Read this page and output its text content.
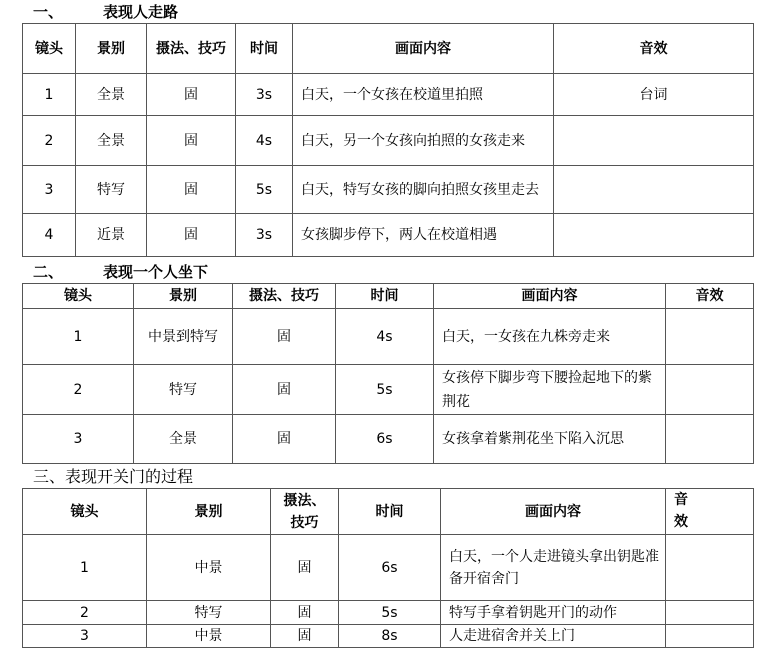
一、	表现人走路
镜头	景别	摄法、技巧	时间	画面内容	音效
1	全景	固	3s	白天，一个女孩在校道里拍照	台词
2	全景	固	4s	白天，另一个女孩向拍照的女孩走来	
3	特写	固	5s	白天，特写女孩的脚向拍照女孩里走去	
4	近景	固	3s	女孩脚步停下，两人在校道相遇	
二、	表现一个人坐下
镜头	景别	摄法、技巧	时间	画面内容	音效
1	中景到特写	固	4s	白天，一女孩在九株旁走来	
2	特写	固	5s	女孩停下脚步弯下腰捡起地下的紫荆花	
3	全景	固	6s	女孩拿着紫荆花坐下陷入沉思	
三、表现开关门的过程
镜头	景别	摄法、技巧	时间	画面内容	音效
1	中景	固	6s	白天，一个人走进镜头拿出钥匙准备开宿舍门	
2	特写	固	5s	特写手拿着钥匙开门的动作	
3	中景	固	8s	人走进宿舍并关上门	
